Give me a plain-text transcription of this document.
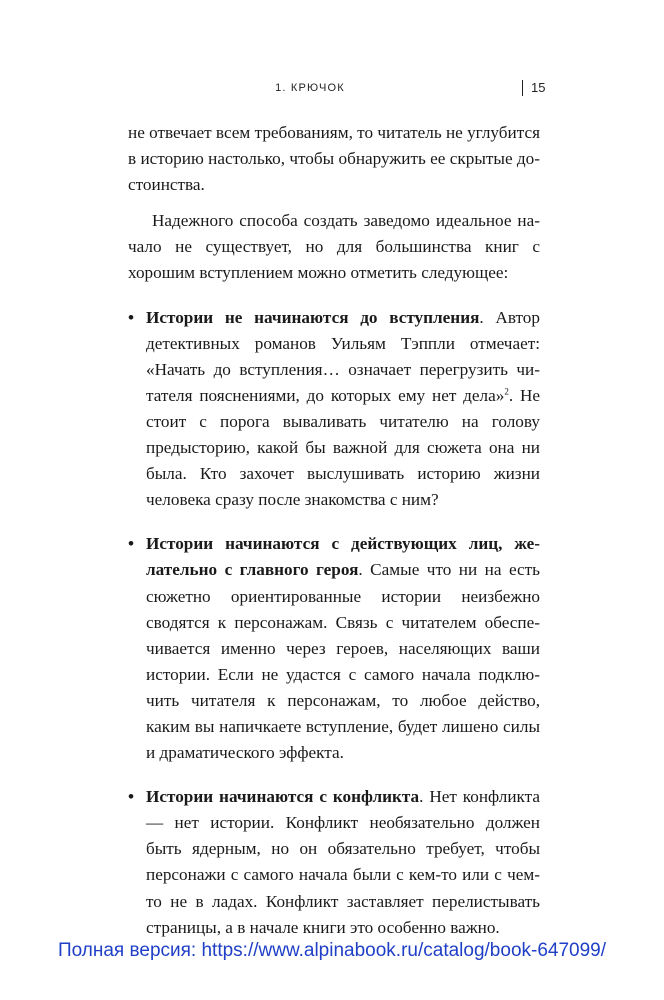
1. КРЮЧОК	15

не отвечает всем требованиям, то читатель не углубится в историю настолько, чтобы обнаружить ее скрытые достоинства.

Надежного способа создать заведомо идеальное начало не существует, но для большинства книг с хорошим вступлением можно отметить следующее:

• Истории не начинаются до вступления. Автор детективных романов Уильям Тэппли отмечает: «Начать до вступления… означает перегрузить читателя пояснениями, до которых ему нет дела»$^2$. Не стоит с порога вываливать читателю на голову предысторию, какой бы важной для сюжета она ни была. Кто захочет выслушивать историю жизни человека сразу после знакомства с ним?
• Истории начинаются с действующих лиц, желательно с главного героя. Самые что ни на есть сюжетно ориентированные истории неизбежно сводятся к персонажам. Связь с читателем обеспечивается именно через героев, населяющих ваши истории. Если не удастся с самого начала подключить читателя к персонажам, то любое действо, каким вы напичкаете вступление, будет лишено силы и драматического эффекта.
• Истории начинаются с конфликта. Нет конфликта — нет истории. Конфликт необязательно должен быть ядерным, но он обязательно требует, чтобы персонажи с самого начала были с кем-то или с чем-то не в ладах. Конфликт заставляет перелистывать страницы, а в начале книги это особенно важно.
Полная версия: https://www.alpinabook.ru/catalog/book-647099/
